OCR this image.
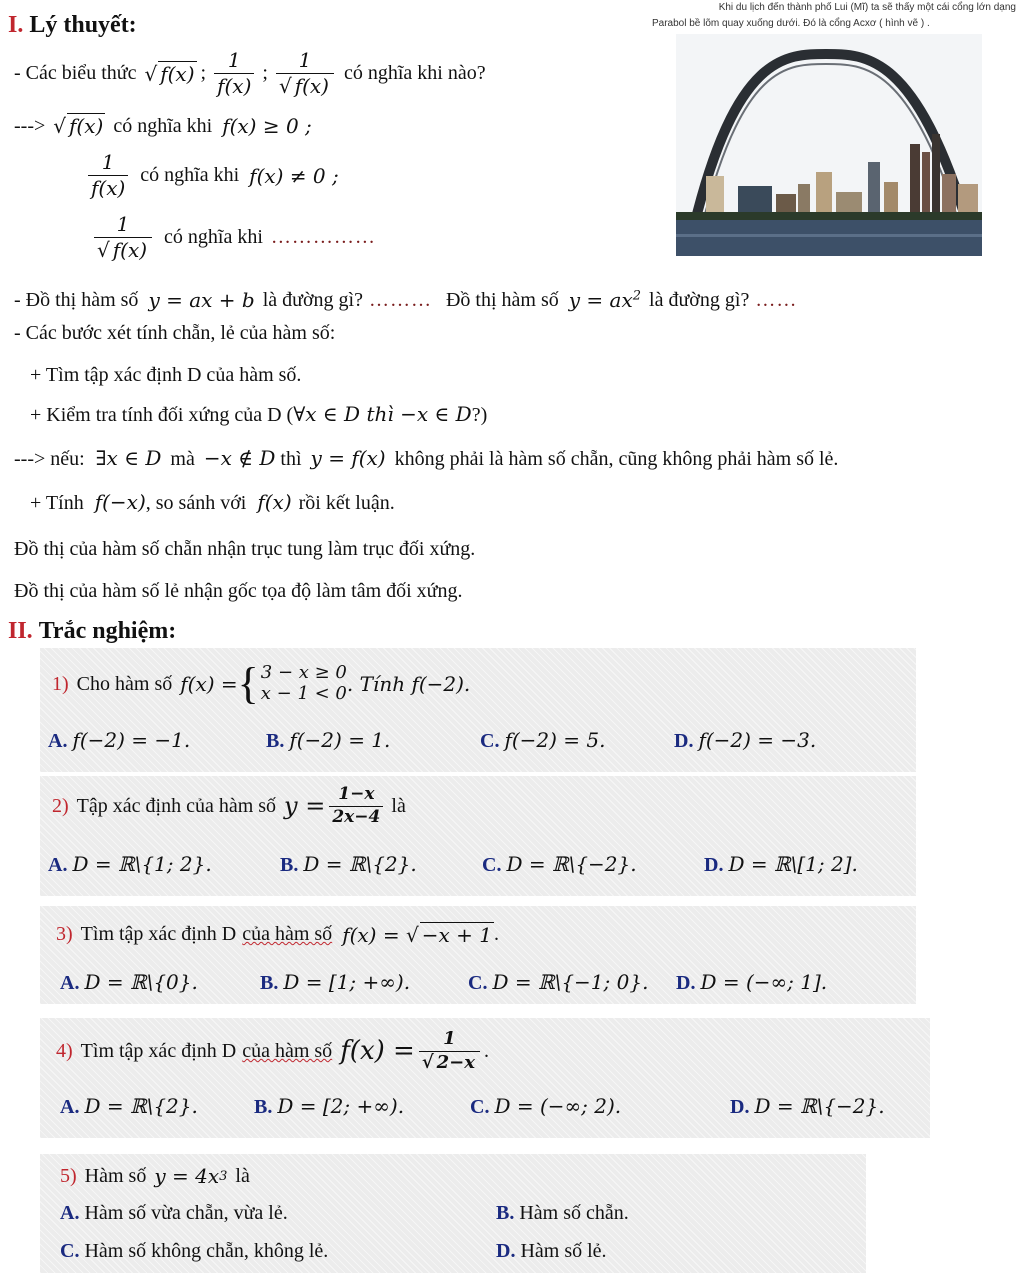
Khi du lịch đến thành phố Lui (Mĩ) ta sẽ thấy một cái cổng lớn dạng
Parabol bề lõm quay xuống dưới. Đó là cổng Acxơ ( hình vẽ ) .
I. Lý thuyết:
- Các biểu thức √ f(x) ; $\frac{1}{f(x)}$ ; $\frac{1}{√ f(x)}$ có nghĩa khi nào?
---> √ f(x) có nghĩa khi f(x) ≥ 0 ;
$\frac{1}{f(x)}$ có nghĩa khi f(x) ≠ 0 ;
$\frac{1}{√ f(x)}$ có nghĩa khi ……………
- Đồ thị hàm số y = ax + b là đường gì? ……… Đồ thị hàm số $y = ax^2$ là đường gì? ……
- Các bước xét tính chẵn, lẻ của hàm số:
+ Tìm tập xác định D của hàm số.
+ Kiểm tra tính đối xứng của D (∀x ∈ D thì −x ∈ D?)
---> nếu: ∃x ∈ D mà −x ∉ D thì y = f(x) không phải là hàm số chẵn, cũng không phải hàm số lẻ.
+ Tính f(−x), so sánh với f(x) rồi kết luận.
Đồ thị của hàm số chẵn nhận trục tung làm trục đối xứng.
Đồ thị của hàm số lẻ nhận gốc tọa độ làm tâm đối xứng.
II. Trắc nghiệm:
1) Cho hàm số f(x) = { 3 − x ≥ 0
x − 1 < 0 . Tính f(−2).
A. f(−2) = −1.	B. f(−2) = 1.	C. f(−2) = 5.	D. f(−2) = −3.
2) Tập xác định của hàm số $y = \frac{1-x}{2x-4}$ là
A. D = ℝ\{1; 2}.	B. D = ℝ\{2}.	C. D = ℝ\{−2}.	D. D = ℝ\[1; 2].
3) Tìm tập xác định D của hàm số f(x) = √ −x + 1 .
A. D = ℝ\{0}.	B. D = [1; +∞).	C. D = ℝ\{−1; 0}. D. D = (−∞; 1].
4) Tìm tập xác định D của hàm số $f(x) = \frac{1}{√ 2-x}$ .
A. D = ℝ\{2}.	B. D = [2; +∞).	C. D = (−∞; 2).	D. D = ℝ\{−2}.
5) Hàm số y = 4x 3 là
A. Hàm số vừa chẵn, vừa lẻ.	B. Hàm số chẵn.
C. Hàm số không chẵn, không lẻ.	D. Hàm số lẻ.
